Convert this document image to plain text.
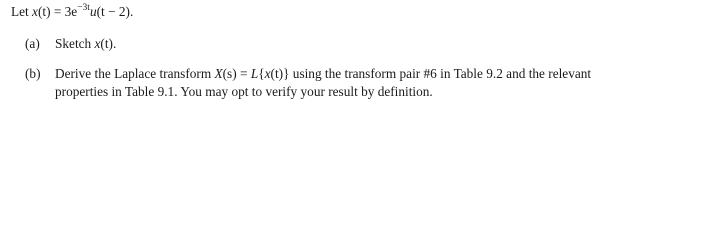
Let $x(t) = 3e^{-3t}u(t - 2)$.
(a) Sketch x(t).
(b) Derive the Laplace transform X(s) = L{x(t)} using the transform pair #6 in Table 9.2 and the relevant
properties in Table 9.1. You may opt to verify your result by definition.
